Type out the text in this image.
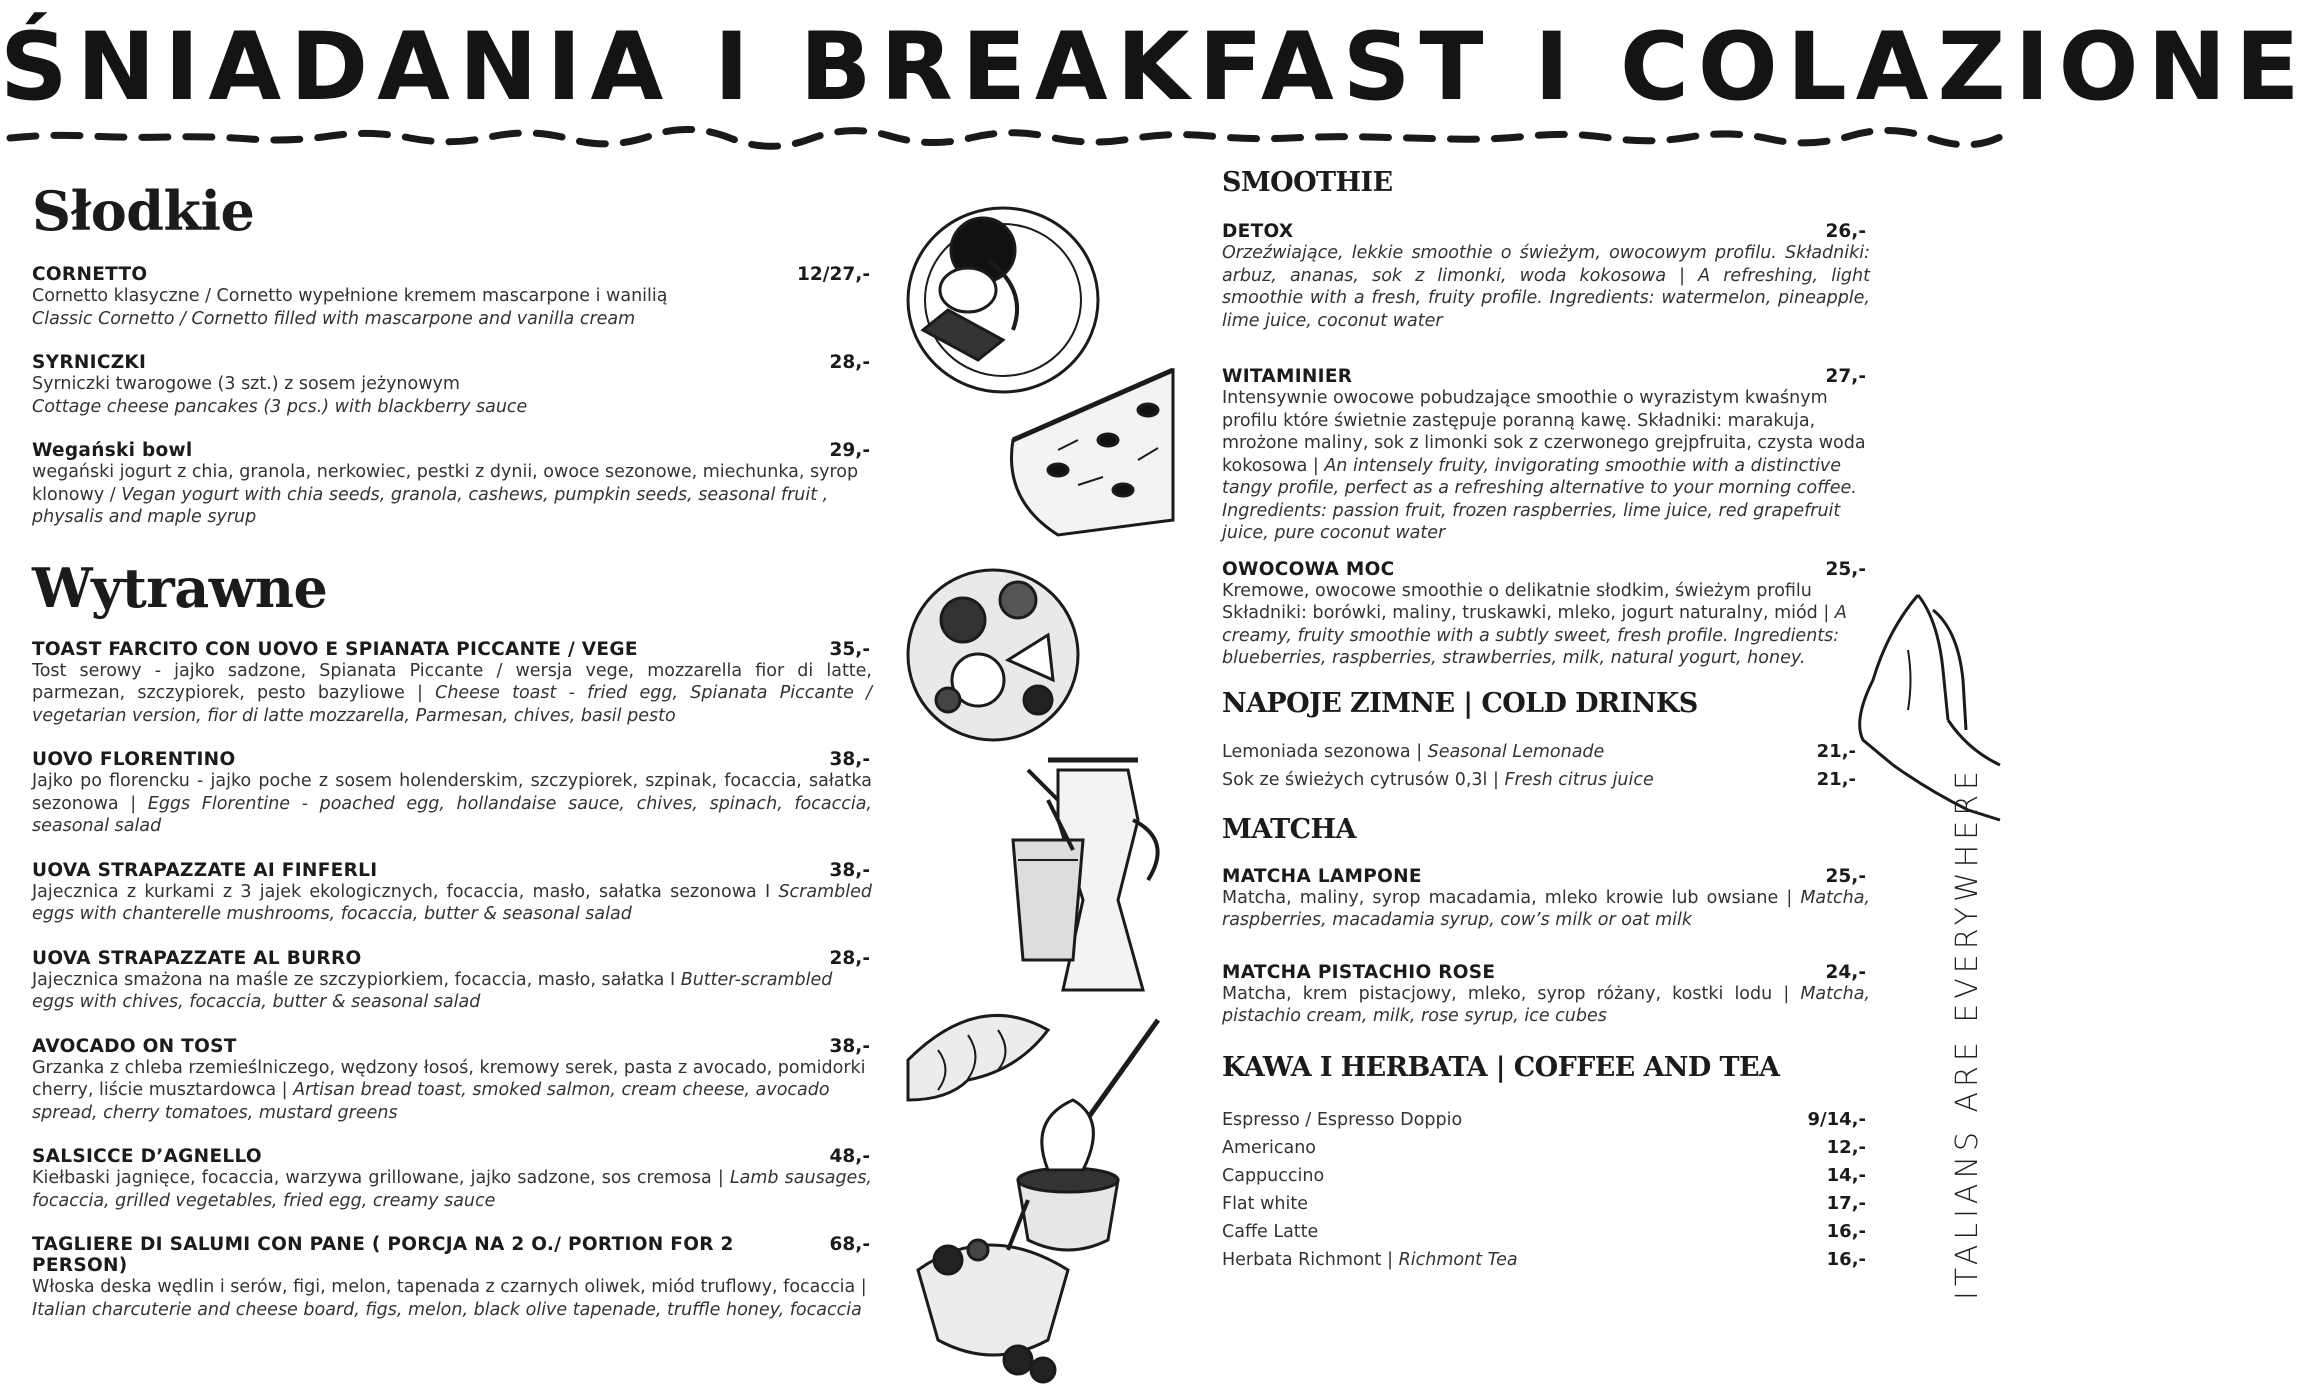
ŚNIADANIA I BREAKFAST I COLAZIONE
Słodkie
CORNETTO	12/27,-

Cornetto klasyczne / Cornetto wypełnione kremem mascarpone i wanilią

Classic Cornetto / Cornetto filled with mascarpone and vanilla cream

SYRNICZKI	28,-

Syrniczki twarogowe (3 szt.) z sosem jeżynowym

Cottage cheese pancakes (3 pcs.) with blackberry sauce

Wegański bowl	29,-

wegański jogurt z chia, granola, nerkowiec, pestki z dynii, owoce sezonowe, miechunka, syrop klonowy / Vegan yogurt with chia seeds, granola, cashews, pumpkin seeds, seasonal fruit , physalis and maple syrup

Wytrawne
TOAST FARCITO CON UOVO E SPIANATA PICCANTE / VEGE	35,-

Tost serowy - jajko sadzone, Spianata Piccante / wersja vege, mozzarella fior di latte, parmezan, szczypiorek, pesto bazyliowe | Cheese toast - fried egg, Spianata Piccante / vegetarian version, fior di latte mozzarella, Parmesan, chives, basil pesto

UOVO FLORENTINO	38,-

Jajko po florencku - jajko poche z sosem holenderskim, szczypiorek, szpinak, focaccia, sałatka sezonowa | Eggs Florentine - poached egg, hollandaise sauce, chives, spinach, focaccia, seasonal salad

UOVA STRAPAZZATE AI FINFERLI	38,-

Jajecznica z kurkami z 3 jajek ekologicznych, focaccia, masło, sałatka sezonowa I Scrambled eggs with chanterelle mushrooms, focaccia, butter & seasonal salad

UOVA STRAPAZZATE AL BURRO	28,-

Jajecznica smażona na maśle ze szczypiorkiem, focaccia, masło, sałatka I Butter-scrambled eggs with chives, focaccia, butter & seasonal salad

AVOCADO ON TOST	38,-

Grzanka z chleba rzemieślniczego, wędzony łosoś, kremowy serek, pasta z avocado, pomidorki cherry, liście musztardowca | Artisan bread toast, smoked salmon, cream cheese, avocado spread, cherry tomatoes, mustard greens

SALSICCE D’AGNELLO	48,-

Kiełbaski jagnięce, focaccia, warzywa grillowane, jajko sadzone, sos cremosa | Lamb sausages, focaccia, grilled vegetables, fried egg, creamy sauce

TAGLIERE DI SALUMI CON PANE ( PORCJA NA 2 O./ PORTION FOR 2 PERSON)
68,-

Włoska deska wędlin i serów, figi, melon, tapenada z czarnych oliwek, miód truflowy, focaccia | Italian charcuterie and cheese board, figs, melon, black olive tapenade, truffle honey, focaccia

SMOOTHIE
DETOX	26,-

Orzeźwiające, lekkie smoothie o świeżym, owocowym profilu. Składniki: arbuz, ananas, sok z limonki, woda kokosowa | A refreshing, light smoothie with a fresh, fruity profile. Ingredients: watermelon, pineapple, lime juice, coconut water

WITAMINIER	27,-

Intensywnie owocowe pobudzające smoothie o wyrazistym kwaśnym profilu które świetnie zastępuje poranną kawę. Składniki: marakuja, mrożone maliny, sok z limonki sok z czerwonego grejpfruita, czysta woda kokosowa | An intensely fruity, invigorating smoothie with a distinctive tangy profile, perfect as a refreshing alternative to your morning coffee. Ingredients: passion fruit, frozen raspberries, lime juice, red grapefruit juice, pure coconut water

OWOCOWA MOC	25,-

Kremowe, owocowe smoothie o delikatnie słodkim, świeżym profilu Składniki: borówki, maliny, truskawki, mleko, jogurt naturalny, miód | A creamy, fruity smoothie with a subtly sweet, fresh profile. Ingredients: blueberries, raspberries, strawberries, milk, natural yogurt, honey.

NAPOJE ZIMNE | COLD DRINKS
Lemoniada sezonowa | Seasonal Lemonade	21,-
Sok ze świeżych cytrusów 0,3l | Fresh citrus juice	21,-
MATCHA
MATCHA LAMPONE	25,-

Matcha, maliny, syrop macadamia, mleko krowie lub owsiane | Matcha, raspberries, macadamia syrup, cow’s milk or oat milk

MATCHA PISTACHIO ROSE	24,-

Matcha, krem pistacjowy, mleko, syrop różany, kostki lodu | Matcha, pistachio cream, milk, rose syrup, ice cubes

KAWA I HERBATA | COFFEE AND TEA
Espresso / Espresso Doppio	9/14,-
Americano	12,-
Cappuccino	14,-
Flat white	17,-
Caffe Latte	16,-
Herbata Richmont | Richmont Tea	16,-	ITALIANS ARE EVERYWHERE
